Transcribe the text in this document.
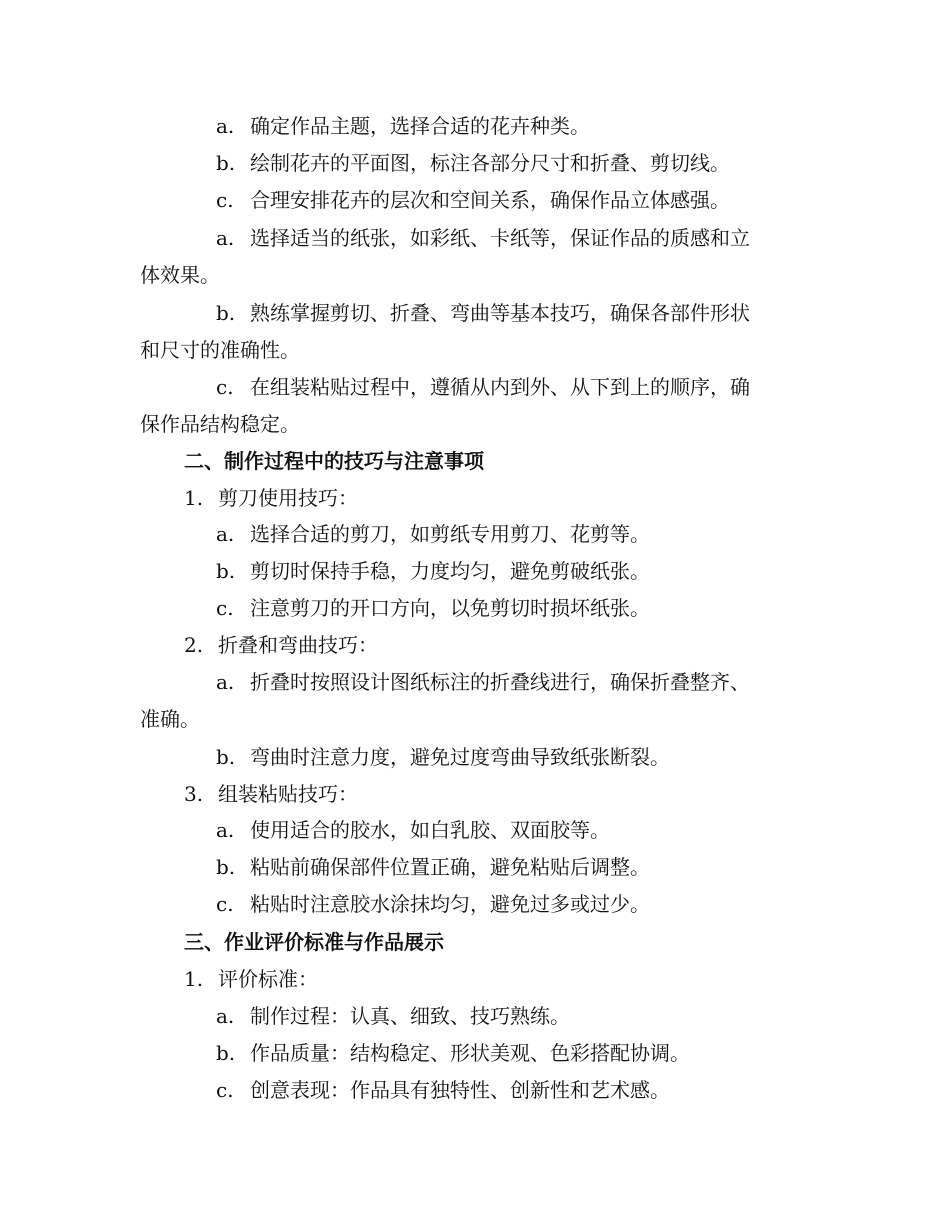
a. 确定作品主题，选择合适的花卉种类。
b. 绘制花卉的平面图，标注各部分尺寸和折叠、剪切线。
c. 合理安排花卉的层次和空间关系，确保作品立体感强。
a. 选择适当的纸张，如彩纸、卡纸等，保证作品的质感和立
体效果。
b. 熟练掌握剪切、折叠、弯曲等基本技巧，确保各部件形状
和尺寸的准确性。
c. 在组装粘贴过程中，遵循从内到外、从下到上的顺序，确
保作品结构稳定。
二、制作过程中的技巧与注意事项
1. 剪刀使用技巧：
a. 选择合适的剪刀，如剪纸专用剪刀、花剪等。
b. 剪切时保持手稳，力度均匀，避免剪破纸张。
c. 注意剪刀的开口方向，以免剪切时损坏纸张。
2. 折叠和弯曲技巧：
a. 折叠时按照设计图纸标注的折叠线进行，确保折叠整齐、
准确。
b. 弯曲时注意力度，避免过度弯曲导致纸张断裂。
3. 组装粘贴技巧：
a. 使用适合的胶水，如白乳胶、双面胶等。
b. 粘贴前确保部件位置正确，避免粘贴后调整。
c. 粘贴时注意胶水涂抹均匀，避免过多或过少。
三、作业评价标准与作品展示
1. 评价标准：
a. 制作过程：认真、细致、技巧熟练。
b. 作品质量：结构稳定、形状美观、色彩搭配协调。
c. 创意表现：作品具有独特性、创新性和艺术感。
